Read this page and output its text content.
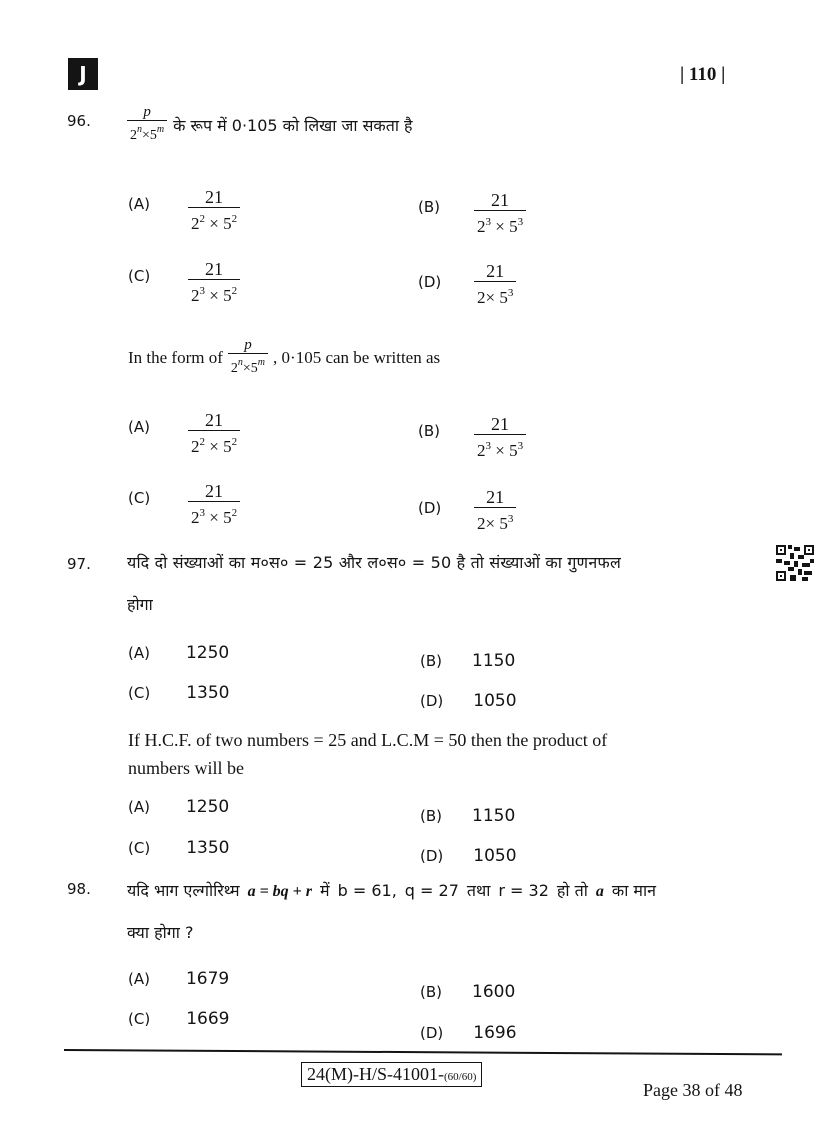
J	| 110 |
96. $\frac{p}{2^n\times 5^m}$ के रूप में 0·105 को लिखा जा सकता है
(A)	21
$2^2 \times 5^2$
(B)	21
$2^3 \times 5^3$
(C)	21
$2^3 \times 5^2$	(D)
21
$2\times 5^3$
In the form of $\frac{p}{2^n\times 5^m}$ , 0·105 can be written as
(A)	21
$2^2 \times 5^2$
(B)	21
$2^3 \times 5^3$
(C)	21
$2^3 \times 5^2$	(D)
21
$2\times 5^3$
97. यदि दो संख्याओं का म०स० = 25 और ल०स० = 50 है तो संख्याओं का गुणनफल
होगा
(A) 1250	(B) 1150
(C) 1350	(D) 1050
If H.C.F. of two numbers = 25 and L.C.M = 50 then the product of
numbers will be
(A) 1250	(B) 1150
(C) 1350	(D) 1050
98. यदि भाग एल्गोरिथ्म a = bq + r में b = 61, q = 27 तथा r = 32 हो तो a का मान
क्या होगा ?
(A) 1679
(B) 1600
(C) 1669
(D) 1696
24(M)-H/S-41001-(60/60)
Page 38 of 48
